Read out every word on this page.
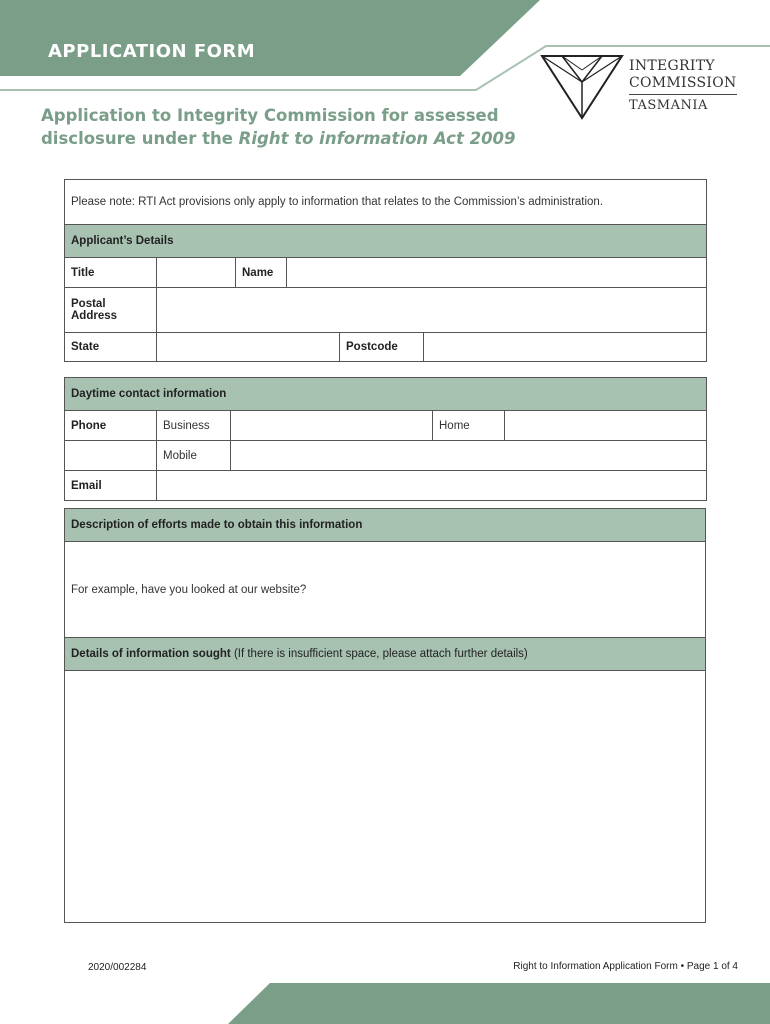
APPLICATION FORM
INTEGRITY
COMMISSION
TASMANIA
Application to Integrity Commission for assessed
disclosure under the Right to information Act 2009
Please note: RTI Act provisions only apply to information that relates to the Commission’s administration.					
Applicant’s Details					
Title		Name			
Postal Address					
State				Postcode	
Daytime contact information				
Phone	Business		Home	
	Mobile			
Email				
Description of efforts made to obtain this information
For example, have you looked at our website?
Details of information sought (If there is insufficient space, please attach further details)

2020/002284	Right to Information Application Form • Page 1 of 4
